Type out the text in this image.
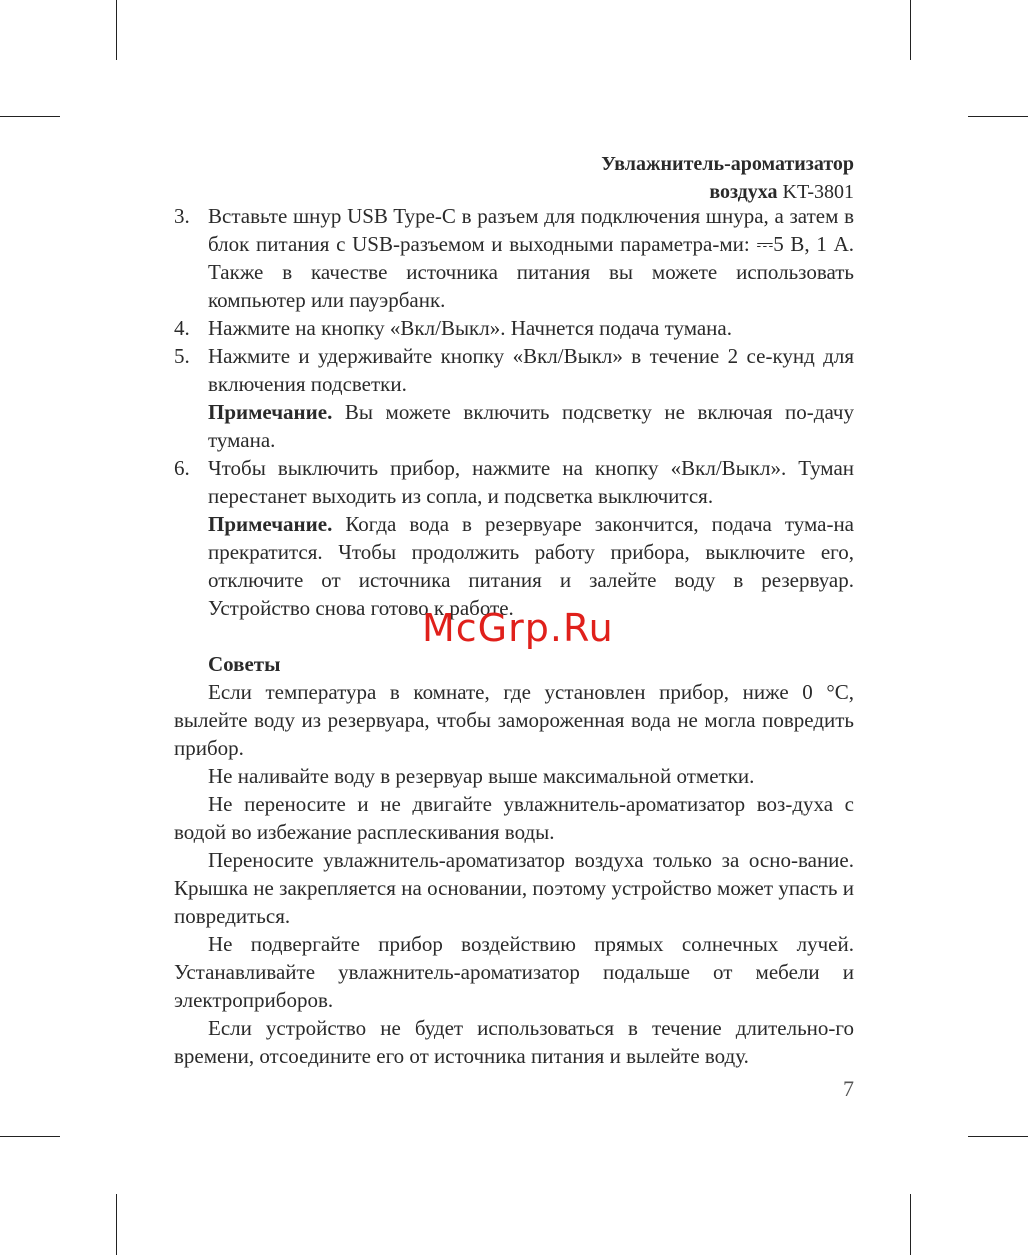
Увлажнитель-ароматизатор
воздуха KT-3801

3. Вставьте шнур USB Type-C в разъем для подключения шнура, а затем в блок питания с USB-разъемом и выходными параметра-ми: ⎓5 В, 1 А. Также в качестве источника питания вы можете использовать компьютер или пауэрбанк.

4. Нажмите на кнопку «Вкл/Выкл». Начнется подача тумана.

5. Нажмите и удерживайте кнопку «Вкл/Выкл» в течение 2 се-кунд для включения подсветки.

Примечание. Вы можете включить подсветку не включая по-дачу тумана.

6. Чтобы выключить прибор, нажмите на кнопку «Вкл/Выкл». Туман перестанет выходить из сопла, и подсветка выключится.

Примечание. Когда вода в резервуаре закончится, подача тума-на прекратится. Чтобы продолжить работу прибора, выключите его, отключите от источника питания и залейте воду в резервуар. Устройство снова готово к работе.

Советы

Если температура в комнате, где установлен прибор, ниже 0 °С, вылейте воду из резервуара, чтобы замороженная вода не могла повредить прибор.

Не наливайте воду в резервуар выше максимальной отметки.

Не переносите и не двигайте увлажнитель-ароматизатор воз-духа с водой во избежание расплескивания воды.

Переносите увлажнитель-ароматизатор воздуха только за осно-вание. Крышка не закрепляется на основании, поэтому устройство может упасть и повредиться.

Не подвергайте прибор воздействию прямых солнечных лучей. Устанавливайте увлажнитель-ароматизатор подальше от мебели и электроприборов.

Если устройство не будет использоваться в течение длительно-го времени, отсоедините его от источника питания и вылейте воду.

McGrp.Ru
7
